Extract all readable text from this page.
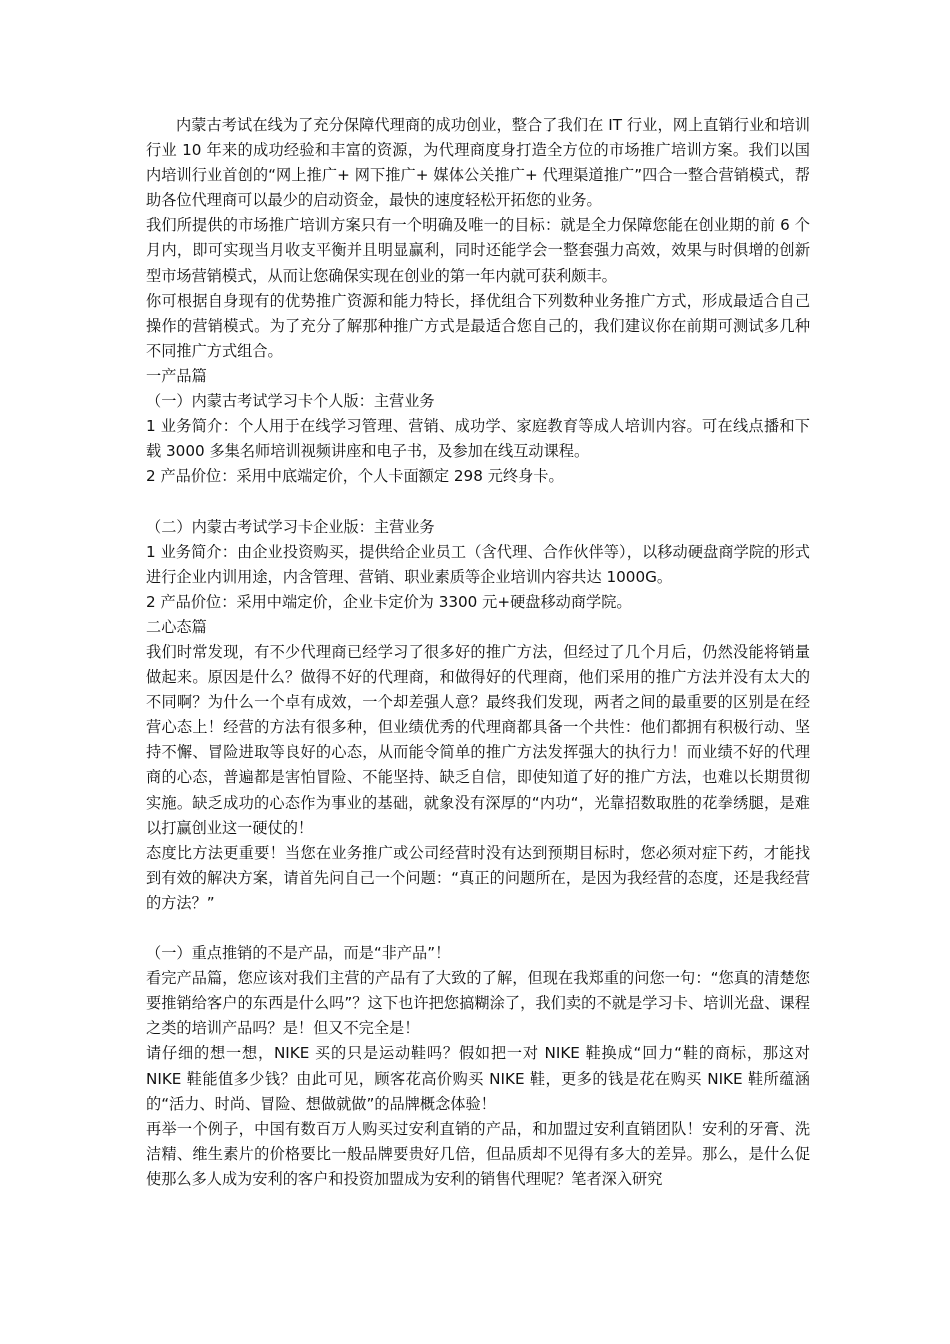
内蒙古考试在线为了充分保障代理商的成功创业，整合了我们在 IT 行业，网上直销行业和培训行业 10 年来的成功经验和丰富的资源，为代理商度身打造全方位的市场推广培训方案。我们以国内培训行业首创的“网上推广+ 网下推广+ 媒体公关推广+ 代理渠道推广”四合一整合营销模式，帮助各位代理商可以最少的启动资金，最快的速度轻松开拓您的业务。

我们所提供的市场推广培训方案只有一个明确及唯一的目标：就是全力保障您能在创业期的前 6 个月内，即可实现当月收支平衡并且明显赢利，同时还能学会一整套强力高效，效果与时俱增的创新型市场营销模式，从而让您确保实现在创业的第一年内就可获利颇丰。

你可根据自身现有的优势推广资源和能力特长，择优组合下列数种业务推广方式，形成最适合自己操作的营销模式。为了充分了解那种推广方式是最适合您自己的，我们建议你在前期可测试多几种不同推广方式组合。

一产品篇

（一）内蒙古考试学习卡个人版：主营业务

1 业务简介：个人用于在线学习管理、营销、成功学、家庭教育等成人培训内容。可在线点播和下载 3000 多集名师培训视频讲座和电子书，及参加在线互动课程。

2 产品价位：采用中底端定价，个人卡面额定 298 元终身卡。

（二）内蒙古考试学习卡企业版：主营业务

1 业务简介：由企业投资购买，提供给企业员工（含代理、合作伙伴等），以移动硬盘商学院的形式进行企业内训用途，内含管理、营销、职业素质等企业培训内容共达 1000G。

2 产品价位：采用中端定价，企业卡定价为 3300 元+硬盘移动商学院。

二心态篇

我们时常发现，有不少代理商已经学习了很多好的推广方法，但经过了几个月后，仍然没能将销量做起来。原因是什么？做得不好的代理商，和做得好的代理商，他们采用的推广方法并没有太大的不同啊？为什么一个卓有成效，一个却差强人意？最终我们发现，两者之间的最重要的区别是在经营心态上！经营的方法有很多种，但业绩优秀的代理商都具备一个共性：他们都拥有积极行动、坚持不懈、冒险进取等良好的心态，从而能令简单的推广方法发挥强大的执行力！而业绩不好的代理商的心态，普遍都是害怕冒险、不能坚持、缺乏自信，即使知道了好的推广方法，也难以长期贯彻实施。缺乏成功的心态作为事业的基础，就象没有深厚的“内功“，光靠招数取胜的花拳绣腿，是难以打赢创业这一硬仗的！

态度比方法更重要！当您在业务推广或公司经营时没有达到预期目标时，您必须对症下药，才能找到有效的解决方案，请首先问自己一个问题：“真正的问题所在，是因为我经营的态度，还是我经营的方法？”

（一）重点推销的不是产品，而是“非产品”！

看完产品篇，您应该对我们主营的产品有了大致的了解，但现在我郑重的问您一句：“您真的清楚您要推销给客户的东西是什么吗”？这下也许把您搞糊涂了，我们卖的不就是学习卡、培训光盘、课程之类的培训产品吗？是！但又不完全是！

请仔细的想一想，NIKE 买的只是运动鞋吗？假如把一对 NIKE 鞋换成“回力“鞋的商标，那这对 NIKE 鞋能值多少钱？由此可见，顾客花高价购买 NIKE 鞋，更多的钱是花在购买 NIKE 鞋所蕴涵的“活力、时尚、冒险、想做就做”的品牌概念体验！

再举一个例子，中国有数百万人购买过安利直销的产品，和加盟过安利直销团队！安利的牙膏、洗洁精、维生素片的价格要比一般品牌要贵好几倍，但品质却不见得有多大的差异。那么，是什么促使那么多人成为安利的客户和投资加盟成为安利的销售代理呢？笔者深入研究
